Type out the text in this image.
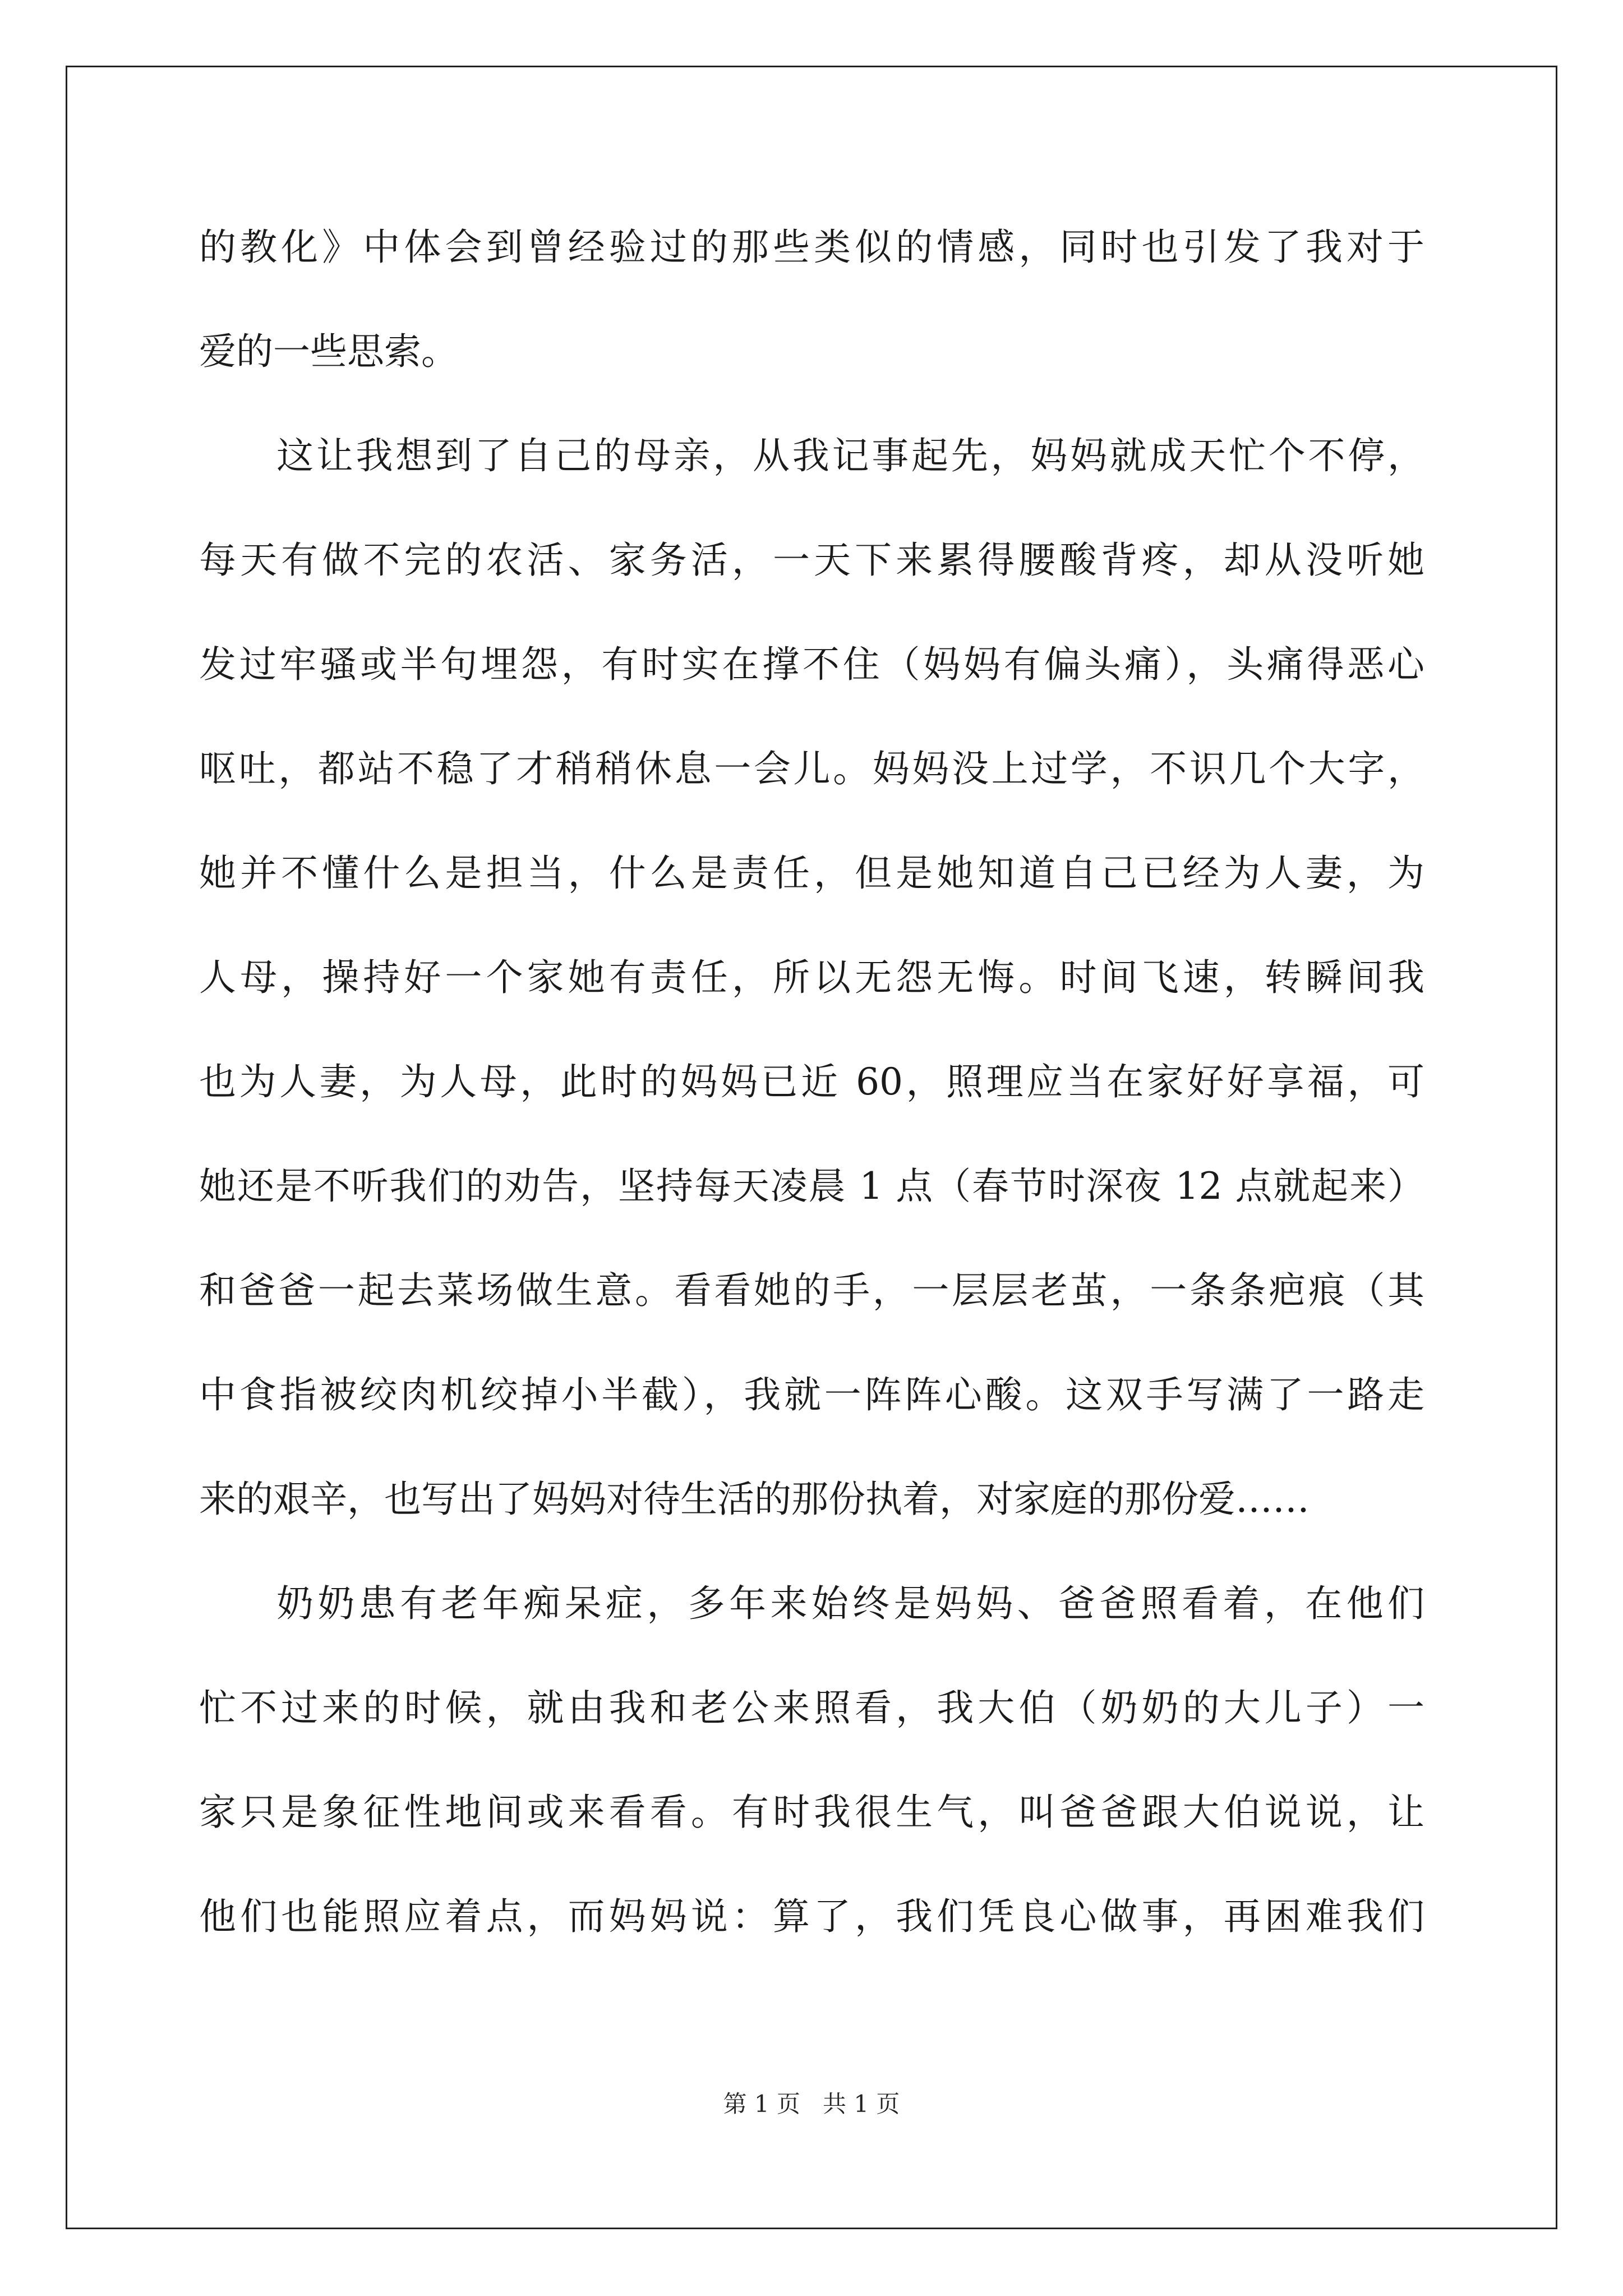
的教化》中体会到曾经验过的那些类似的情感，同时也引发了我对于
爱的一些思索。
这让我想到了自己的母亲，从我记事起先，妈妈就成天忙个不停，
每天有做不完的农活、家务活，一天下来累得腰酸背疼，却从没听她
发过牢骚或半句埋怨，有时实在撑不住（妈妈有偏头痛），头痛得恶心
呕吐，都站不稳了才稍稍休息一会儿。妈妈没上过学，不识几个大字，
她并不懂什么是担当，什么是责任，但是她知道自己已经为人妻，为
人母，操持好一个家她有责任，所以无怨无悔。时间飞速，转瞬间我
也为人妻，为人母，此时的妈妈已近 60，照理应当在家好好享福，可
她还是不听我们的劝告，坚持每天凌晨 1 点（春节时深夜 12 点就起来）
和爸爸一起去菜场做生意。看看她的手，一层层老茧，一条条疤痕（其
中食指被绞肉机绞掉小半截），我就一阵阵心酸。这双手写满了一路走
来的艰辛，也写出了妈妈对待生活的那份执着，对家庭的那份爱……
奶奶患有老年痴呆症，多年来始终是妈妈、爸爸照看着，在他们
忙不过来的时候，就由我和老公来照看，我大伯（奶奶的大儿子）一
家只是象征性地间或来看看。有时我很生气，叫爸爸跟大伯说说，让
他们也能照应着点，而妈妈说：算了，我们凭良心做事，再困难我们
第 1 页 共 1 页
